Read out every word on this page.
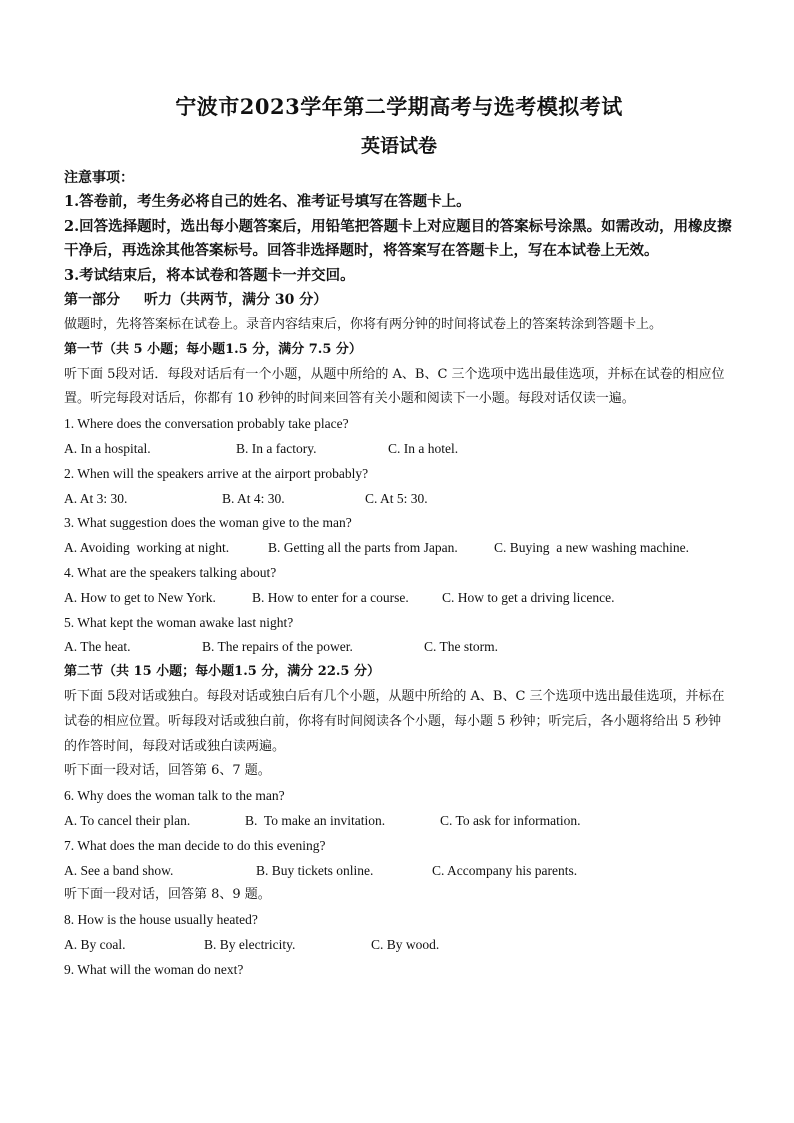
宁波市2023学年第二学期高考与选考模拟考试
英语试卷
注意事项：
1.答卷前，考生务必将自己的姓名、准考证号填写在答题卡上。
2.回答选择题时，选出每小题答案后，用铅笔把答题卡上对应题目的答案标号涂黑。如需改动，用橡皮擦干净后，再选涂其他答案标号。回答非选择题时，将答案写在答题卡上，写在本试卷上无效。
3.考试结束后，将本试卷和答题卡一并交回。
第一部分 听力（共两节，满分 30 分）
做题时，先将答案标在试卷上。录音内容结束后，你将有两分钟的时间将试卷上的答案转涂到答题卡上。
第一节（共 5 小题；每小题1.5 分，满分 7.5 分）
听下面 5段对话．每段对话后有一个小题，从题中所给的 A、B、C 三个选项中选出最佳选项，并标在试卷的相应位置。听完每段对话后，你都有 10 秒钟的时间来回答有关小题和阅读下一小题。每段对话仅读一遍。
1. Where does the conversation probably take place?
A. In a hospital.	B. In a factory.	C. In a hotel.
2. When will the speakers arrive at the airport probably?
A. At 3: 30.	B. At 4: 30.	C. At 5: 30.
3. What suggestion does the woman give to the man?
A. Avoiding  working at night.	B. Getting all the parts from Japan.	C. Buying  a new washing machine.
4. What are the speakers talking about?
A. How to get to New York.	B. How to enter for a course.	C. How to get a driving licence.
5. What kept the woman awake last night?
A. The heat.	B. The repairs of the power.	C. The storm.
第二节（共 15 小题；每小题1.5 分，满分 22.5 分）
听下面 5段对话或独白。每段对话或独白后有几个小题，从题中所给的 A、B、C 三个选项中选出最佳选项，并标在试卷的相应位置。听每段对话或独白前，你将有时间阅读各个小题，每小题 5 秒钟；听完后，各小题将给出 5 秒钟的作答时间，每段对话或独白读两遍。
听下面一段对话，回答第 6、7 题。
6. Why does the woman talk to the man?
A. To cancel their plan.	B.  To make an invitation.	C. To ask for information.
7. What does the man decide to do this evening?
A. See a band show.	B. Buy tickets online.	C. Accompany his parents.
听下面一段对话，回答第 8、9 题。
8. How is the house usually heated?
A. By coal.	B. By electricity.	C. By wood.
9. What will the woman do next?
